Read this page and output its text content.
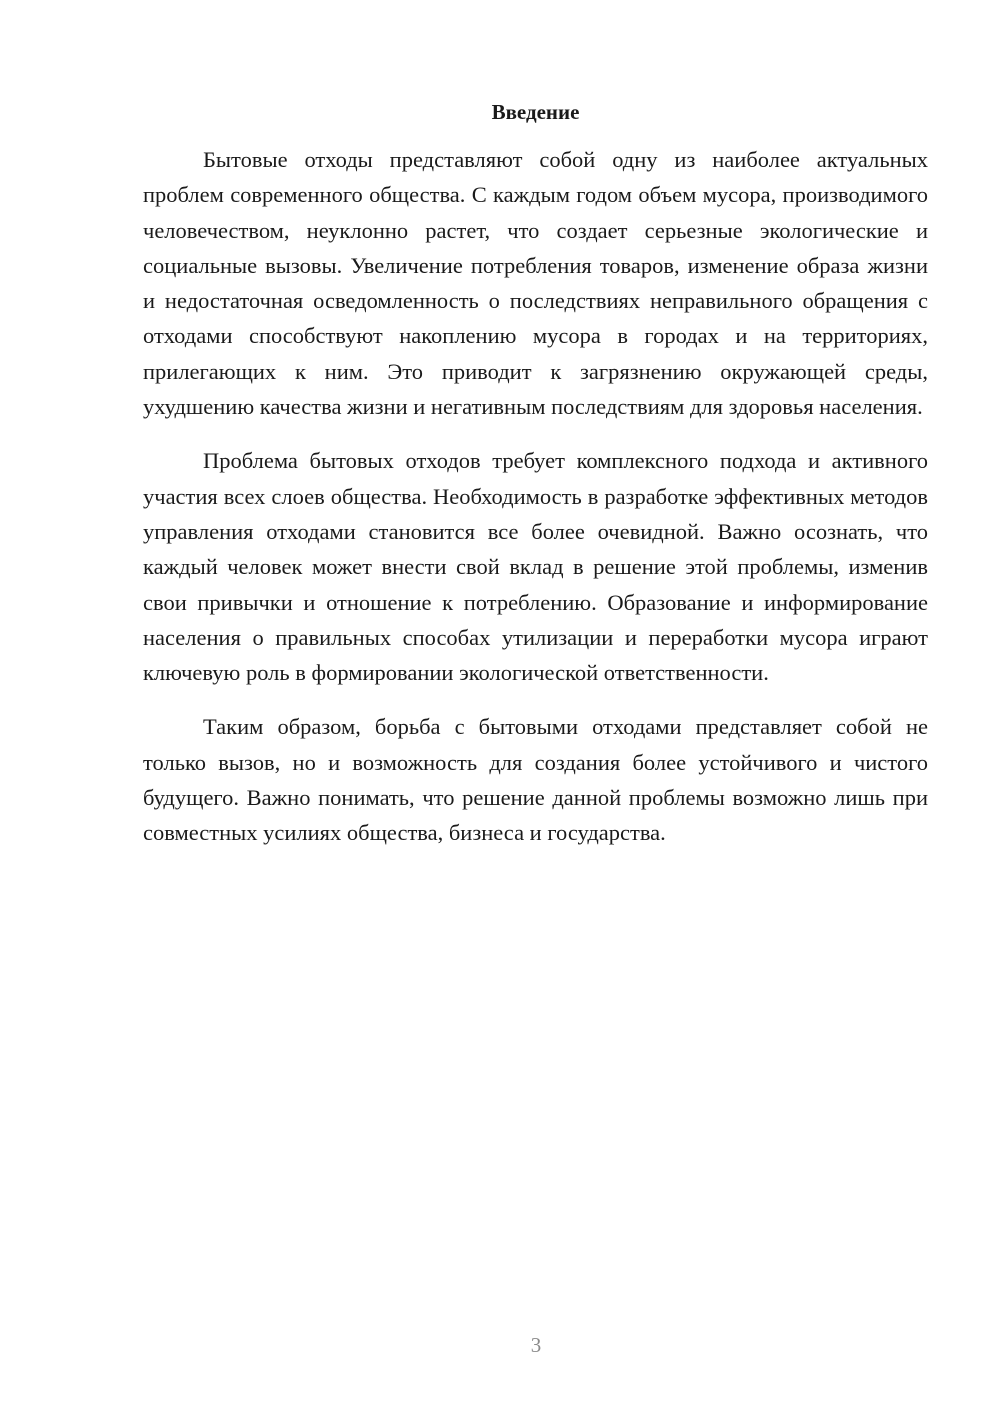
Введение

Бытовые отходы представляют собой одну из наиболее актуальных проблем современного общества. С каждым годом объем мусора, производимого человечеством, неуклонно растет, что создает серьезные экологические и социальные вызовы. Увеличение потребления товаров, изменение образа жизни и недостаточная осведомленность о последствиях неправильного обращения с отходами способствуют накоплению мусора в городах и на территориях, прилегающих к ним. Это приводит к загрязнению окружающей среды, ухудшению качества жизни и негативным последствиям для здоровья населения.

Проблема бытовых отходов требует комплексного подхода и активного участия всех слоев общества. Необходимость в разработке эффективных методов управления отходами становится все более очевидной. Важно осознать, что каждый человек может внести свой вклад в решение этой проблемы, изменив свои привычки и отношение к потреблению. Образование и информирование населения о правильных способах утилизации и переработки мусора играют ключевую роль в формировании экологической ответственности.

Таким образом, борьба с бытовыми отходами представляет собой не только вызов, но и возможность для создания более устойчивого и чистого будущего. Важно понимать, что решение данной проблемы возможно лишь при совместных усилиях общества, бизнеса и государства.

3
